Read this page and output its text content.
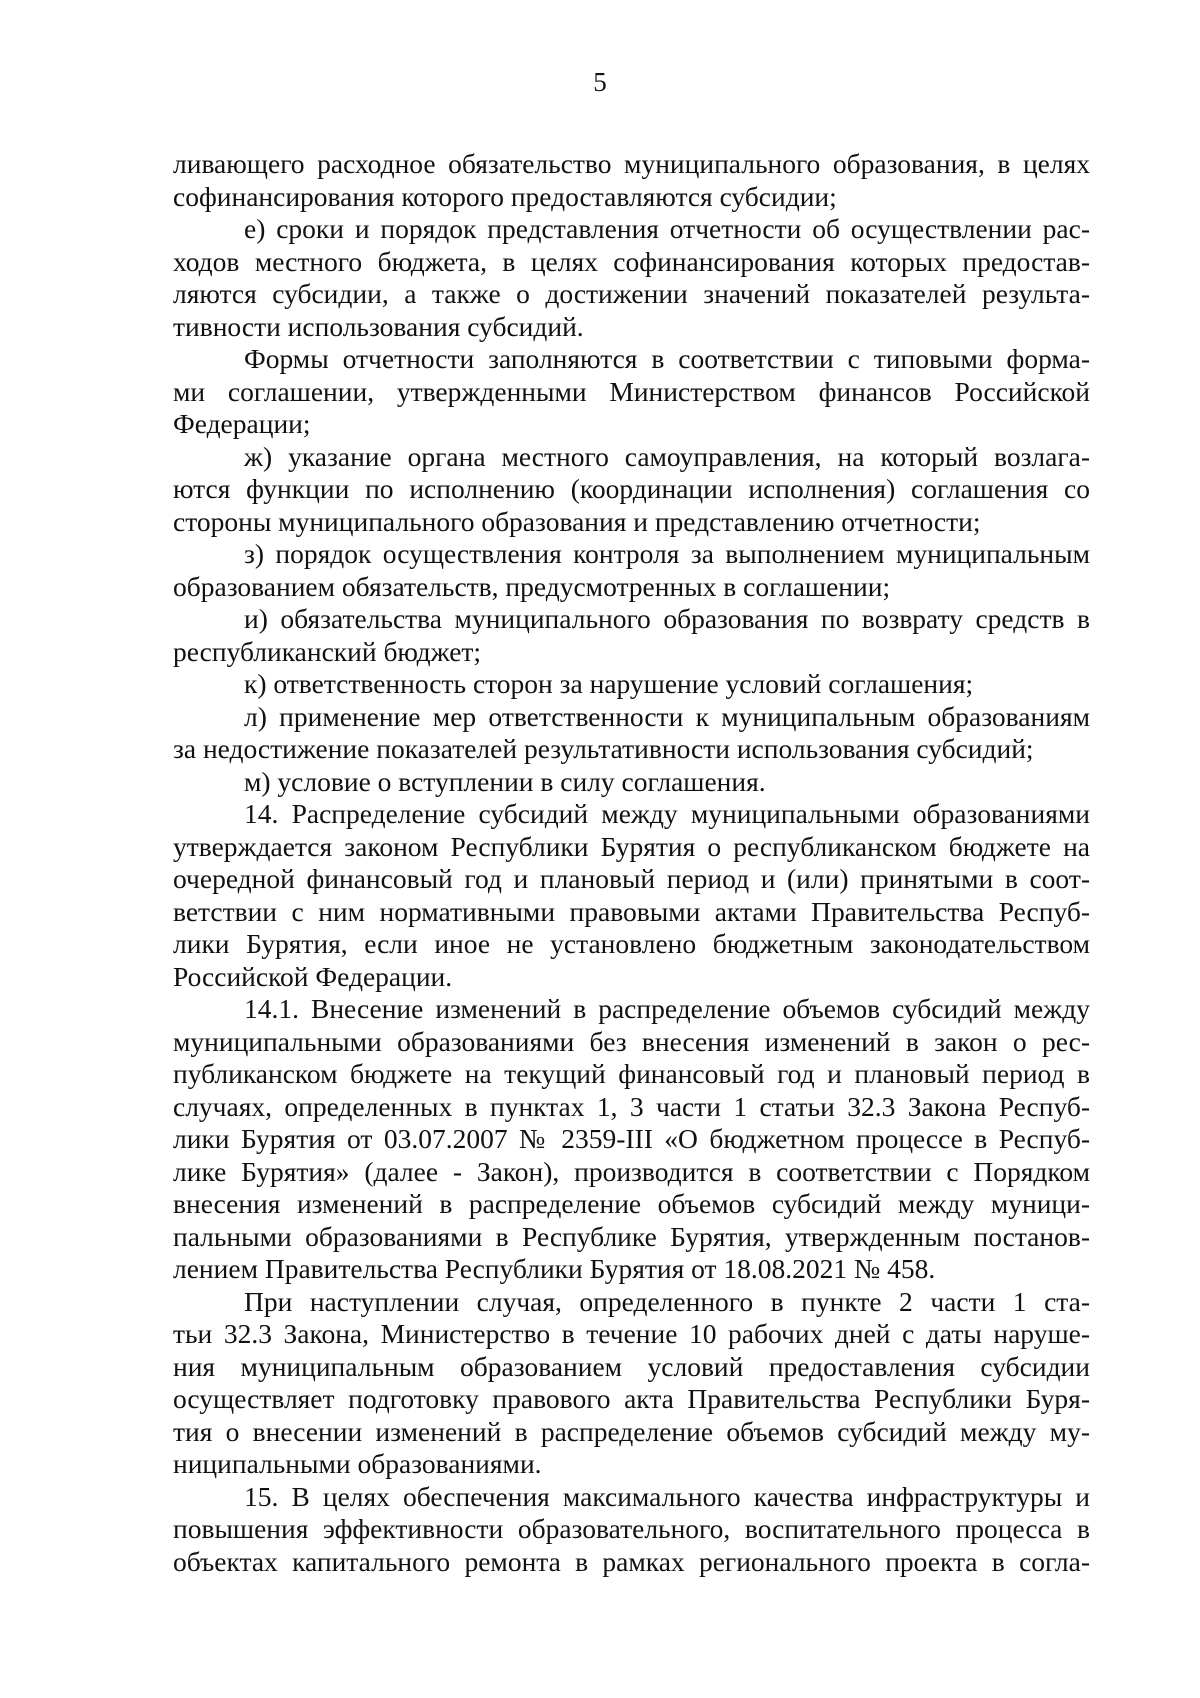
5
ливающего расходное обязательство муниципального образования, в целях
софинансирования которого предоставляются субсидии;
е) сроки и порядок представления отчетности об осуществлении рас-
ходов местного бюджета, в целях софинансирования которых предостав-
ляются субсидии, а также о достижении значений показателей результа-
тивности использования субсидий.
Формы отчетности заполняются в соответствии с типовыми форма-
ми соглашении, утвержденными Министерством финансов Российской
Федерации;
ж) указание органа местного самоуправления, на который возлага-
ются функции по исполнению (координации исполнения) соглашения со
стороны муниципального образования и представлению отчетности;
з) порядок осуществления контроля за выполнением муниципальным
образованием обязательств, предусмотренных в соглашении;
и) обязательства муниципального образования по возврату средств в
республиканский бюджет;
к) ответственность сторон за нарушение условий соглашения;
л) применение мер ответственности к муниципальным образованиям
за недостижение показателей результативности использования субсидий;
м) условие о вступлении в силу соглашения.
14. Распределение субсидий между муниципальными образованиями
утверждается законом Республики Бурятия о республиканском бюджете на
очередной финансовый год и плановый период и (или) принятыми в соот-
ветствии с ним нормативными правовыми актами Правительства Респуб-
лики Бурятия, если иное не установлено бюджетным законодательством
Российской Федерации.
14.1. Внесение изменений в распределение объемов субсидий между
муниципальными образованиями без внесения изменений в закон о рес-
публиканском бюджете на текущий финансовый год и плановый период в
случаях, определенных в пунктах 1, 3 части 1 статьи 32.3 Закона Респуб-
лики Бурятия от 03.07.2007 № 2359-III «О бюджетном процессе в Респуб-
лике Бурятия» (далее - Закон), производится в соответствии с Порядком
внесения изменений в распределение объемов субсидий между муници-
пальными образованиями в Республике Бурятия, утвержденным постанов-
лением Правительства Республики Бурятия от 18.08.2021 № 458.
При наступлении случая, определенного в пункте 2 части 1 ста-
тьи 32.3 Закона, Министерство в течение 10 рабочих дней с даты наруше-
ния муниципальным образованием условий предоставления субсидии
осуществляет подготовку правового акта Правительства Республики Буря-
тия о внесении изменений в распределение объемов субсидий между му-
ниципальными образованиями.
15. В целях обеспечения максимального качества инфраструктуры и
повышения эффективности образовательного, воспитательного процесса в
объектах капитального ремонта в рамках регионального проекта в согла-
